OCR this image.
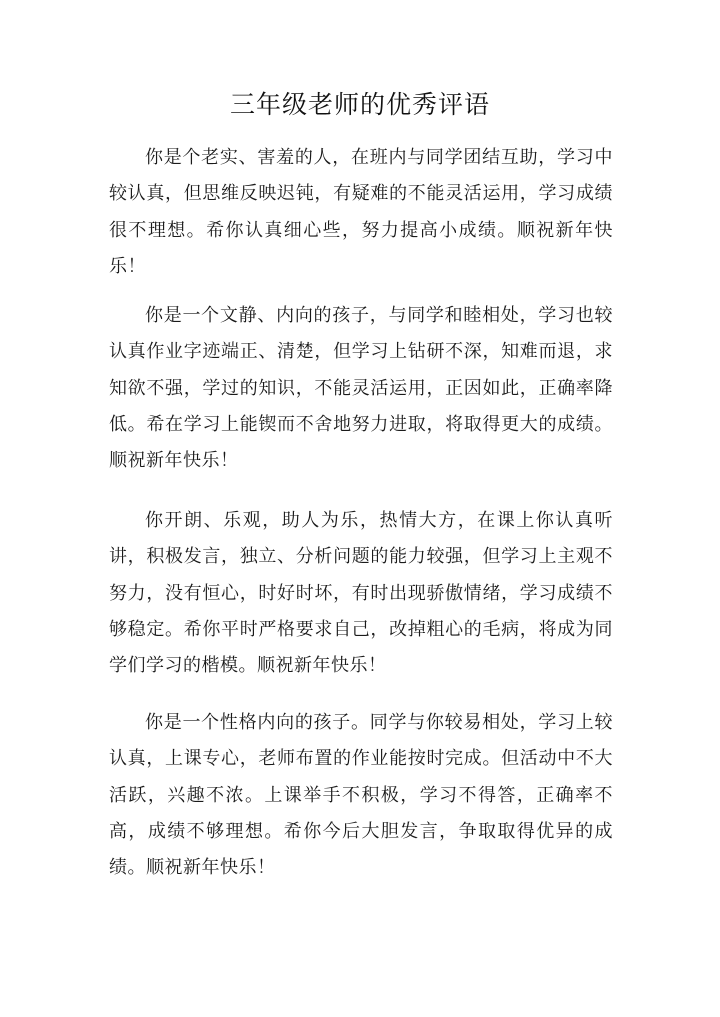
三年级老师的优秀评语

你是个老实、害羞的人，在班内与同学团结互助，学习中较认真，但思维反映迟钝，有疑难的不能灵活运用，学习成绩很不理想。希你认真细心些，努力提高小成绩。顺祝新年快乐！

你是一个文静、内向的孩子，与同学和睦相处，学习也较认真作业字迹端正、清楚，但学习上钻研不深，知难而退，求知欲不强，学过的知识，不能灵活运用，正因如此，正确率降低。希在学习上能锲而不舍地努力进取，将取得更大的成绩。顺祝新年快乐！

你开朗、乐观，助人为乐，热情大方，在课上你认真听讲，积极发言，独立、分析问题的能力较强，但学习上主观不努力，没有恒心，时好时坏，有时出现骄傲情绪，学习成绩不够稳定。希你平时严格要求自己，改掉粗心的毛病，将成为同学们学习的楷模。顺祝新年快乐！

你是一个性格内向的孩子。同学与你较易相处，学习上较认真，上课专心，老师布置的作业能按时完成。但活动中不大活跃，兴趣不浓。上课举手不积极，学习不得答，正确率不高，成绩不够理想。希你今后大胆发言，争取取得优异的成绩。顺祝新年快乐！
